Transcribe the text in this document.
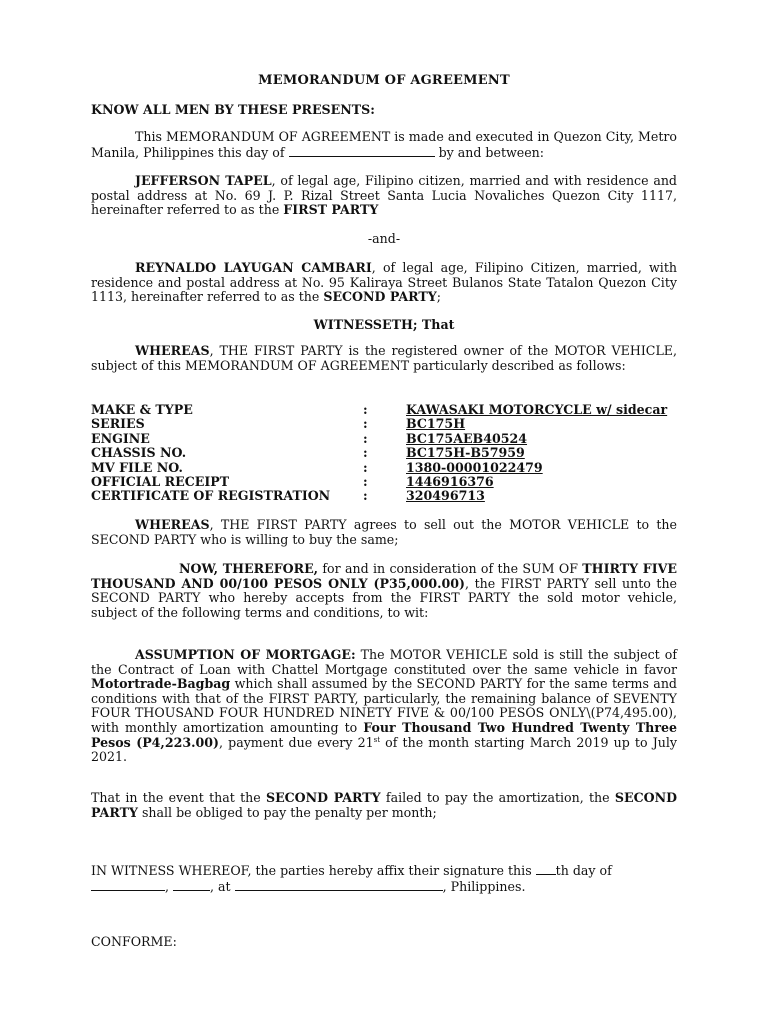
MEMORANDUM OF AGREEMENT
KNOW ALL MEN BY THESE PRESENTS:
This MEMORANDUM OF AGREEMENT is made and executed in Quezon City, Metro Manila, Philippines this day of	by and between:
JEFFERSON TAPEL, of legal age, Filipino citizen, married and with residence and postal address at No. 69 J. P. Rizal Street Santa Lucia Novaliches Quezon City 1117, hereinafter referred to as the FIRST PARTY
-and-
REYNALDO LAYUGAN CAMBARI, of legal age, Filipino Citizen, married, with residence and postal address at No. 95 Kaliraya Street Bulanos State Tatalon Quezon City 1113, hereinafter referred to as the SECOND PARTY;
WITNESSETH; That
WHEREAS, THE FIRST PARTY is the registered owner of the MOTOR VEHICLE, subject of this MEMORANDUM OF AGREEMENT particularly described as follows:
MAKE & TYPE	:	KAWASAKI MOTORCYCLE w/ sidecar
SERIES	:	BC175H
ENGINE	:	BC175AEB40524
CHASSIS NO.	:	BC175H-B57959
MV FILE NO.	:	1380-00001022479
OFFICIAL RECEIPT	:	1446916376
CERTIFICATE OF REGISTRATION	:	320496713
WHEREAS, THE FIRST PARTY agrees to sell out the MOTOR VEHICLE to the SECOND PARTY who is willing to buy the same;
NOW, THEREFORE, for and in consideration of the SUM OF THIRTY FIVE THOUSAND AND 00/100 PESOS ONLY (P35,000.00), the FIRST PARTY sell unto the SECOND PARTY who hereby accepts from the FIRST PARTY the sold motor vehicle, subject of the following terms and conditions, to wit:
ASSUMPTION OF MORTGAGE: The MOTOR VEHICLE sold is still the subject of the Contract of Loan with Chattel Mortgage constituted over the same vehicle in favor Motortrade-Bagbag which shall assumed by the SECOND PARTY for the same terms and conditions with that of the FIRST PARTY, particularly, the remaining balance of SEVENTY FOUR THOUSAND FOUR HUNDRED NINETY FIVE & 00/100 PESOS ONLY\(P74,495.00), with monthly amortization amounting to Four Thousand Two Hundred Twenty Three Pesos (P4,223.00), payment due every 21st of the month starting March 2019 up to July 2021.
That in the event that the SECOND PARTY failed to pay the amortization, the SECOND PARTY shall be obliged to pay the penalty per month;
IN WITNESS WHEREOF, the parties hereby affix their signature this th day of ,	, at	, Philippines.
CONFORME:
